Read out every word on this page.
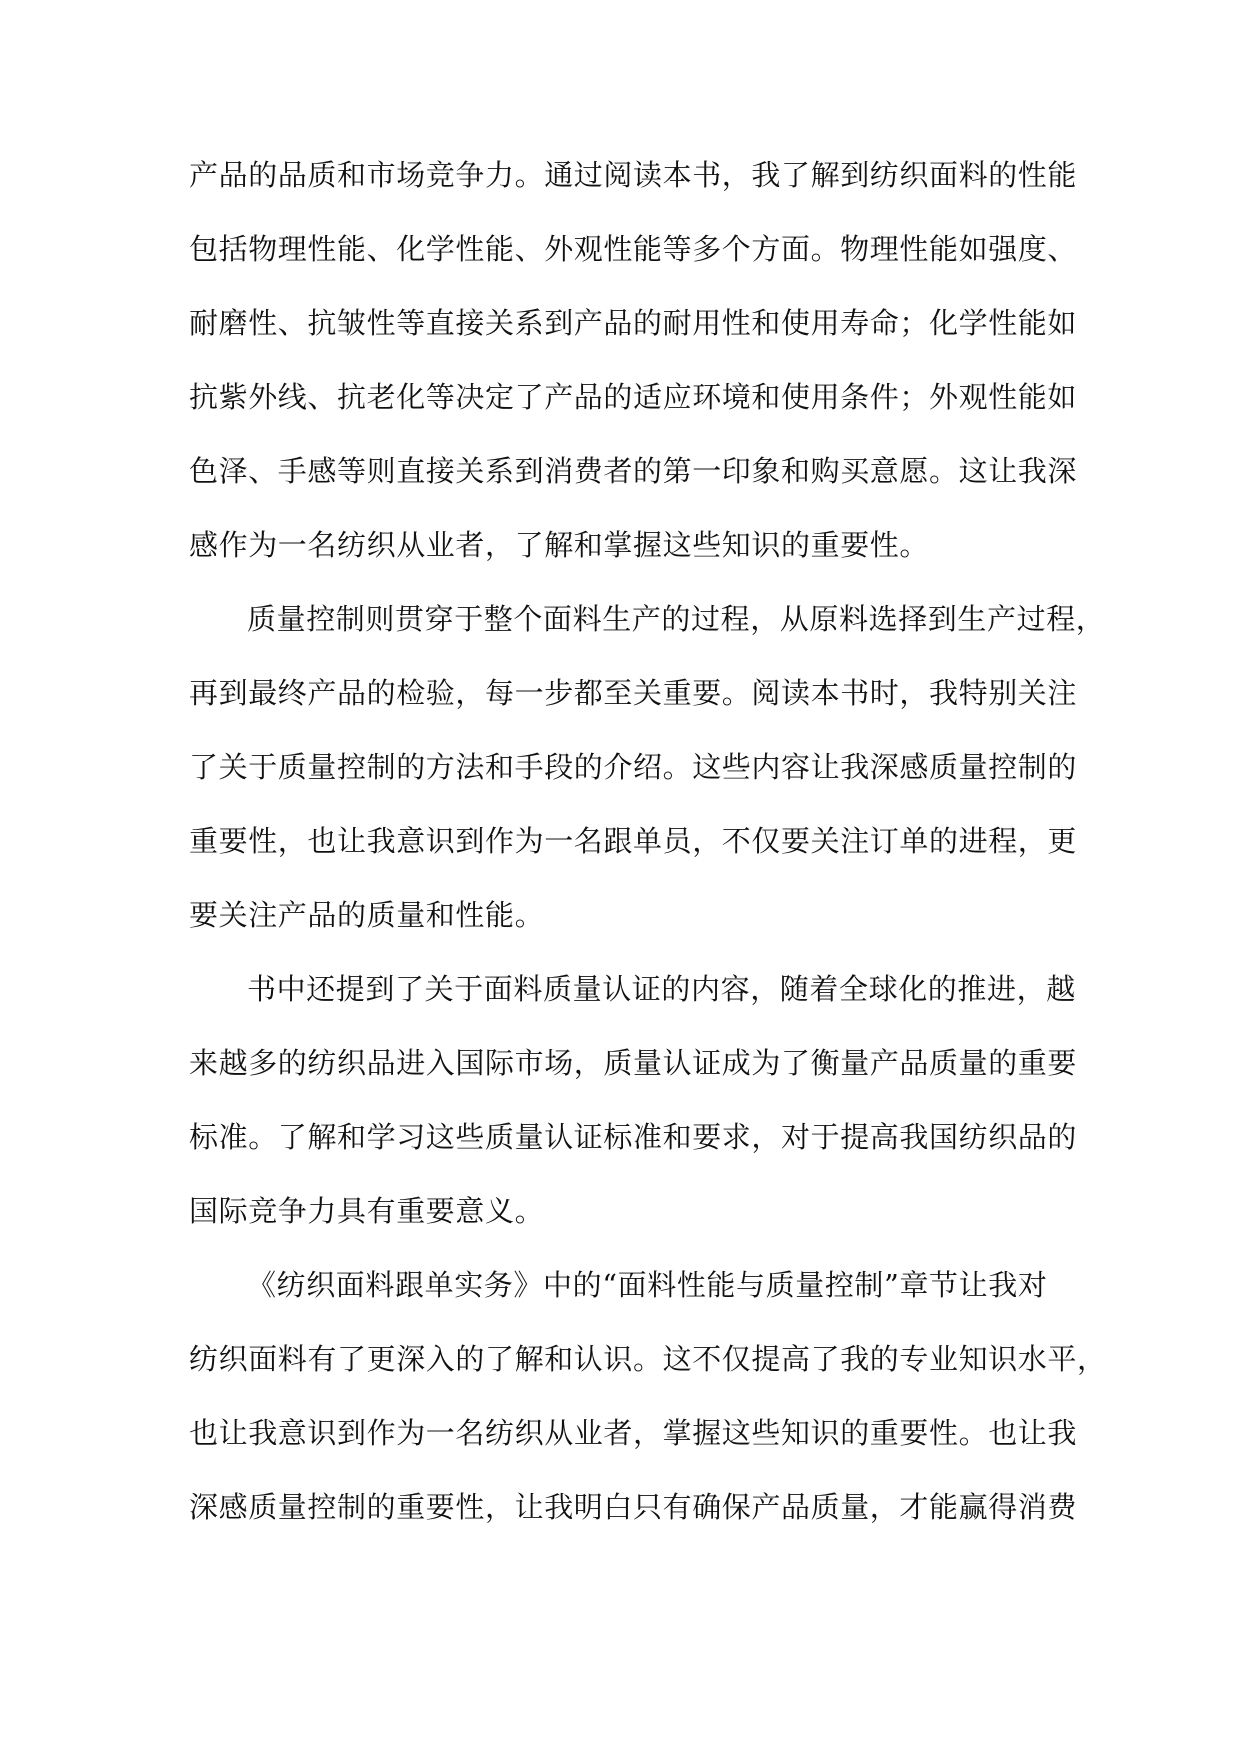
产品的品质和市场竞争力。通过阅读本书，我了解到纺织面料的性能
包括物理性能、化学性能、外观性能等多个方面。物理性能如强度、
耐磨性、抗皱性等直接关系到产品的耐用性和使用寿命；化学性能如
抗紫外线、抗老化等决定了产品的适应环境和使用条件；外观性能如
色泽、手感等则直接关系到消费者的第一印象和购买意愿。这让我深
感作为一名纺织从业者，了解和掌握这些知识的重要性。
质量控制则贯穿于整个面料生产的过程，从原料选择到生产过程，
再到最终产品的检验，每一步都至关重要。阅读本书时，我特别关注
了关于质量控制的方法和手段的介绍。这些内容让我深感质量控制的
重要性，也让我意识到作为一名跟单员，不仅要关注订单的进程，更
要关注产品的质量和性能。
书中还提到了关于面料质量认证的内容，随着全球化的推进，越
来越多的纺织品进入国际市场，质量认证成为了衡量产品质量的重要
标准。了解和学习这些质量认证标准和要求，对于提高我国纺织品的
国际竞争力具有重要意义。
《纺织面料跟单实务》中的“面料性能与质量控制”章节让我对
纺织面料有了更深入的了解和认识。这不仅提高了我的专业知识水平，
也让我意识到作为一名纺织从业者，掌握这些知识的重要性。也让我
深感质量控制的重要性，让我明白只有确保产品质量，才能赢得消费
